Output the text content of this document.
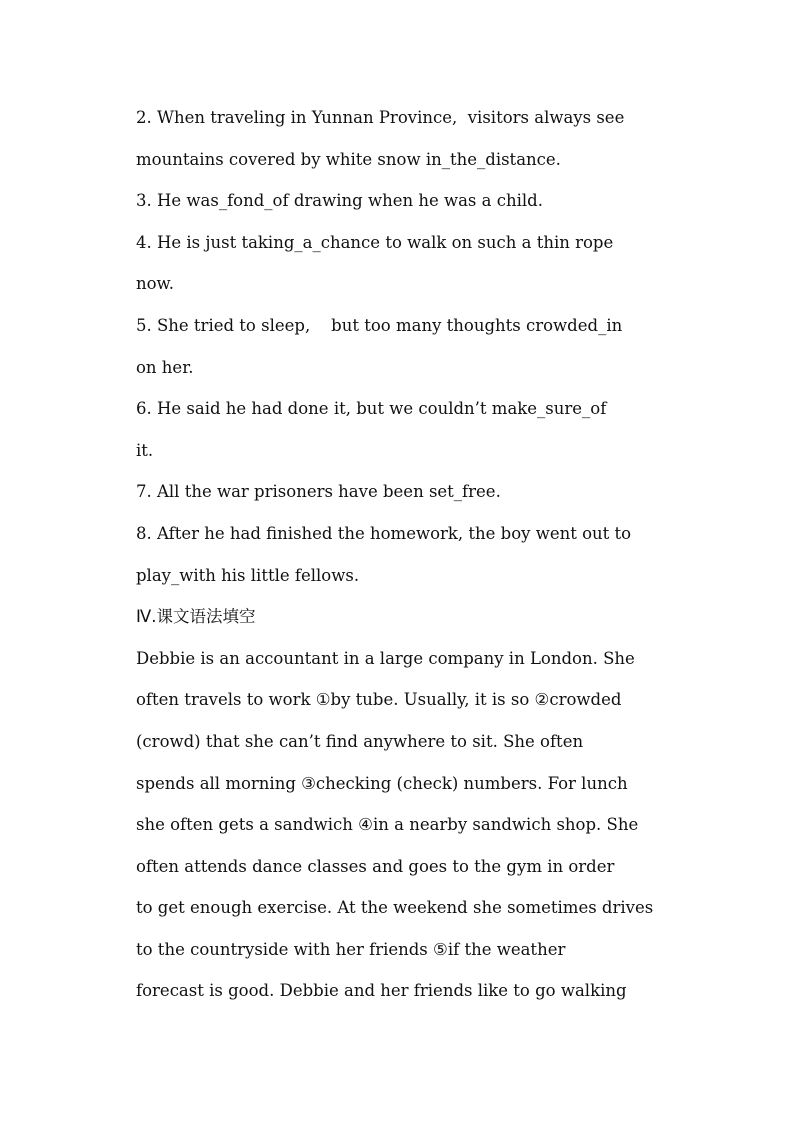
2. When traveling in Yunnan Province,  visitors always see
mountains covered by white snow in_the_distance.
3. He was_fond_of drawing when he was a child.
4. He is just taking_a_chance to walk on such a thin rope
now.
5. She tried to sleep,    but too many thoughts crowded_in
on her.
6. He said he had done it, but we couldn’t make_sure_of
it.
7. All the war prisoners have been set_free.
8. After he had finished the homework, the boy went out to
play_with his little fellows.
Ⅳ.课文语法填空
Debbie is an accountant in a large company in London. She
often travels to work ①by tube. Usually, it is so ②crowded
(crowd) that she can’t find anywhere to sit. She often
spends all morning ③checking (check) numbers. For lunch
she often gets a sandwich ④in a nearby sandwich shop. She
often attends dance classes and goes to the gym in order
to get enough exercise. At the weekend she sometimes drives
to the countryside with her friends ⑤if the weather
forecast is good. Debbie and her friends like to go walking
